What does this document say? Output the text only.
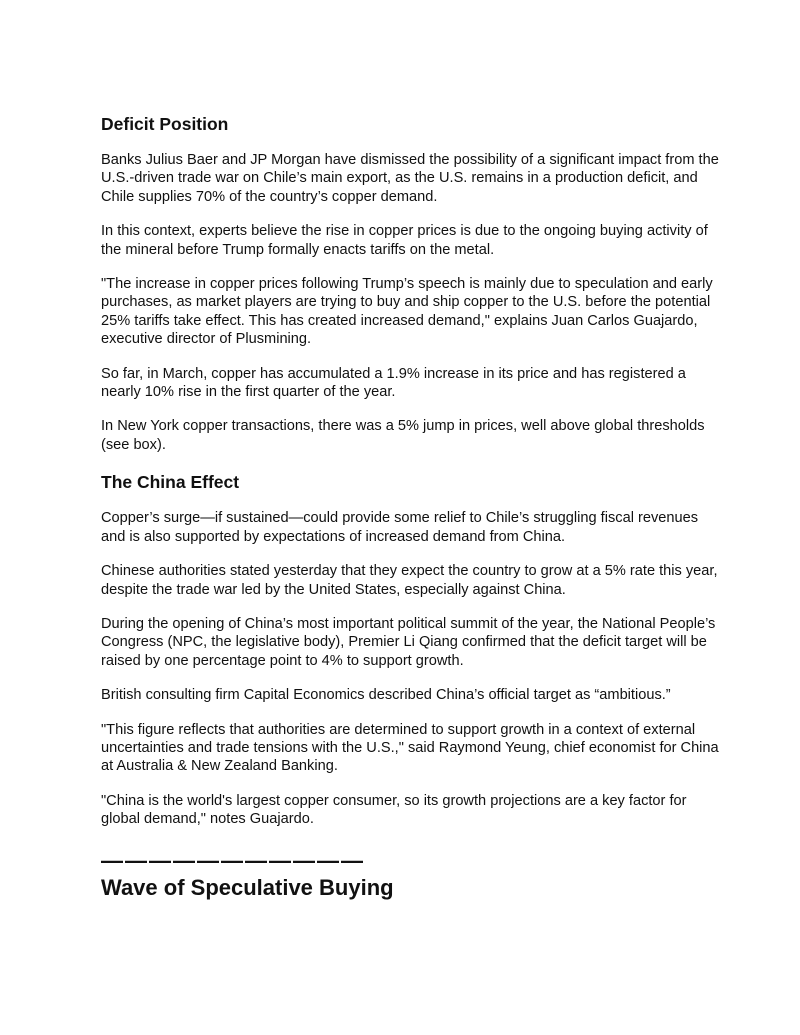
Deficit Position

Banks Julius Baer and JP Morgan have dismissed the possibility of a significant impact from the U.S.-driven trade war on Chile’s main export, as the U.S. remains in a production deficit, and Chile supplies 70% of the country’s copper demand.

In this context, experts believe the rise in copper prices is due to the ongoing buying activity of the mineral before Trump formally enacts tariffs on the metal.

"The increase in copper prices following Trump’s speech is mainly due to speculation and early purchases, as market players are trying to buy and ship copper to the U.S. before the potential 25% tariffs take effect. This has created increased demand," explains Juan Carlos Guajardo, executive director of Plusmining.

So far, in March, copper has accumulated a 1.9% increase in its price and has registered a nearly 10% rise in the first quarter of the year.

In New York copper transactions, there was a 5% jump in prices, well above global thresholds (see box).

The China Effect

Copper’s surge—if sustained—could provide some relief to Chile’s struggling fiscal revenues and is also supported by expectations of increased demand from China.

Chinese authorities stated yesterday that they expect the country to grow at a 5% rate this year, despite the trade war led by the United States, especially against China.

During the opening of China’s most important political summit of the year, the National People’s Congress (NPC, the legislative body), Premier Li Qiang confirmed that the deficit target will be raised by one percentage point to 4% to support growth.

British consulting firm Capital Economics described China’s official target as “ambitious.”

"This figure reflects that authorities are determined to support growth in a context of external uncertainties and trade tensions with the U.S.," said Raymond Yeung, chief economist for China at Australia & New Zealand Banking.

"China is the world's largest copper consumer, so its growth projections are a key factor for global demand," notes Guajardo.

———————————
Wave of Speculative Buying
